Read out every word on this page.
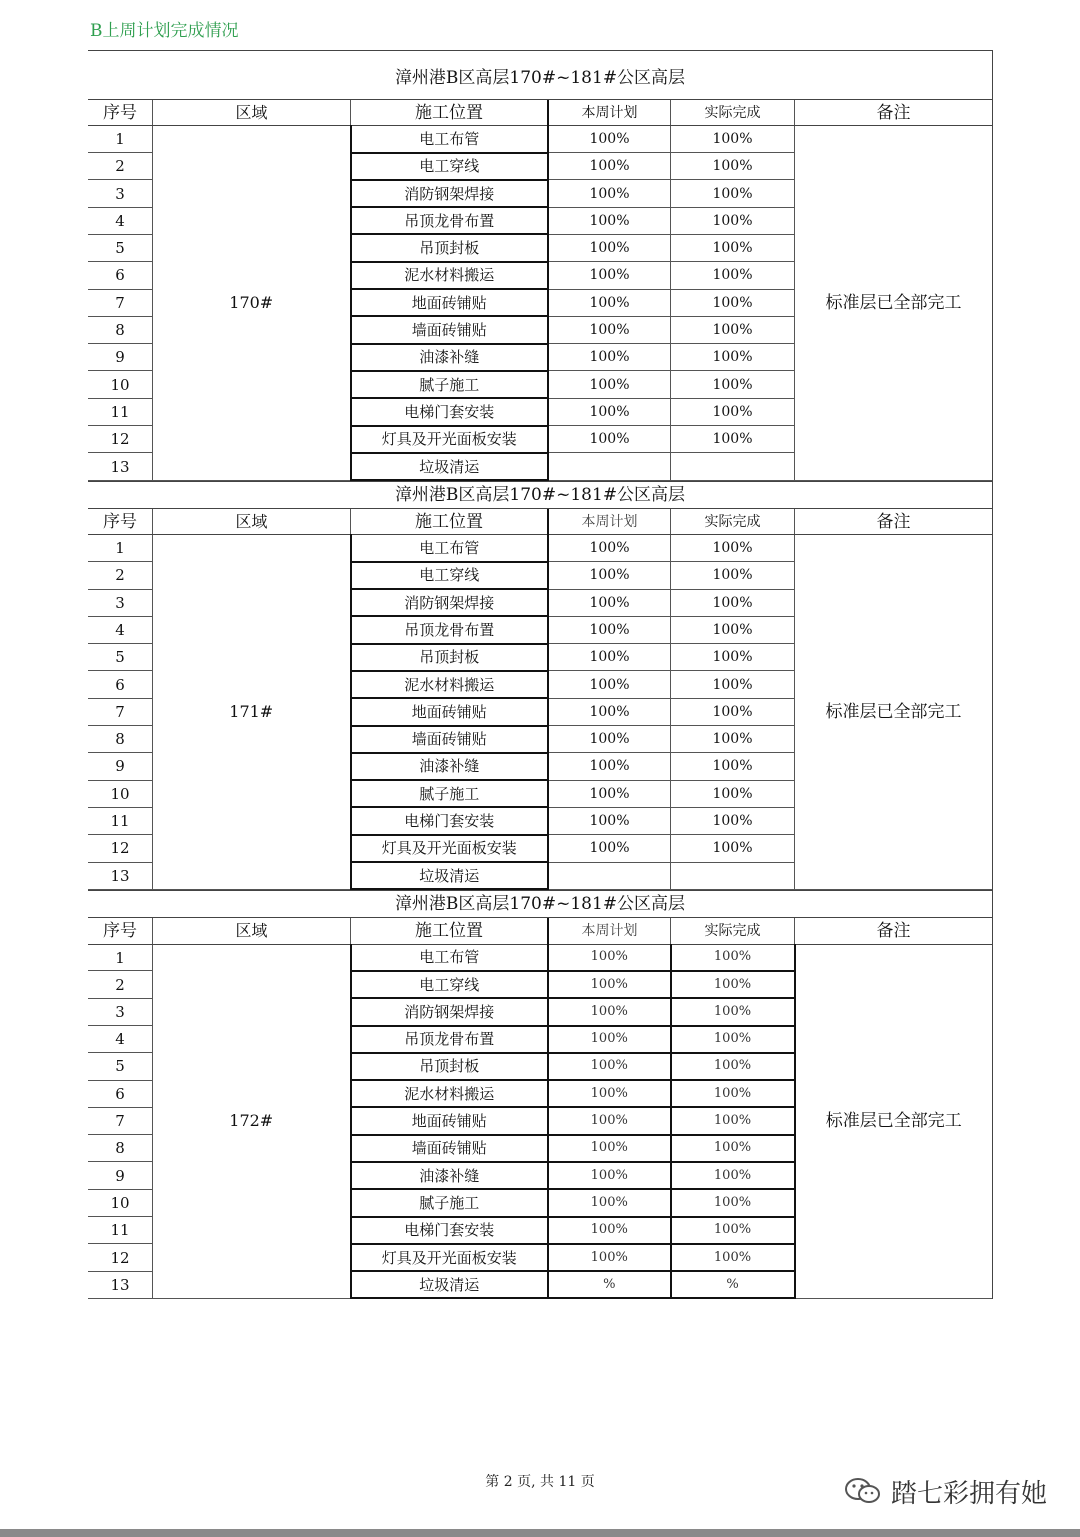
B上周计划完成情况
漳州港B区高层170#~181#公区高层
序号	区域	施工位置	本周计划	实际完成	备注
1	170#	电工布管	100%	100%	标准层已全部完工
2		电工穿线	100%	100%	
3		消防钢架焊接	100%	100%	
4		吊顶龙骨布置	100%	100%	
5		吊顶封板	100%	100%	
6		泥水材料搬运	100%	100%	
7		地面砖铺贴	100%	100%	
8		墙面砖铺贴	100%	100%	
9		油漆补缝	100%	100%	
10		腻子施工	100%	100%	
11		电梯门套安装	100%	100%	
12		灯具及开光面板安装	100%	100%	
13		垃圾清运			
漳州港B区高层170#~181#公区高层
序号	区域	施工位置	本周计划	实际完成	备注
1	171#	电工布管	100%	100%	标准层已全部完工
2		电工穿线	100%	100%	
3		消防钢架焊接	100%	100%	
4		吊顶龙骨布置	100%	100%	
5		吊顶封板	100%	100%	
6		泥水材料搬运	100%	100%	
7		地面砖铺贴	100%	100%	
8		墙面砖铺贴	100%	100%	
9		油漆补缝	100%	100%	
10		腻子施工	100%	100%	
11		电梯门套安装	100%	100%	
12		灯具及开光面板安装	100%	100%	
13		垃圾清运			
漳州港B区高层170#~181#公区高层
序号	区域	施工位置	本周计划	实际完成	备注
1	172#	电工布管	100%	100%	标准层已全部完工
2		电工穿线	100%	100%	
3		消防钢架焊接	100%	100%	
4		吊顶龙骨布置	100%	100%	
5		吊顶封板	100%	100%	
6		泥水材料搬运	100%	100%	
7		地面砖铺贴	100%	100%	
8		墙面砖铺贴	100%	100%	
9		油漆补缝	100%	100%	
10		腻子施工	100%	100%	
11		电梯门套安装	100%	100%	
12		灯具及开光面板安装	100%	100%	
13		垃圾清运	%	%	
第 2 页, 共 11 页	踏七彩拥有她
